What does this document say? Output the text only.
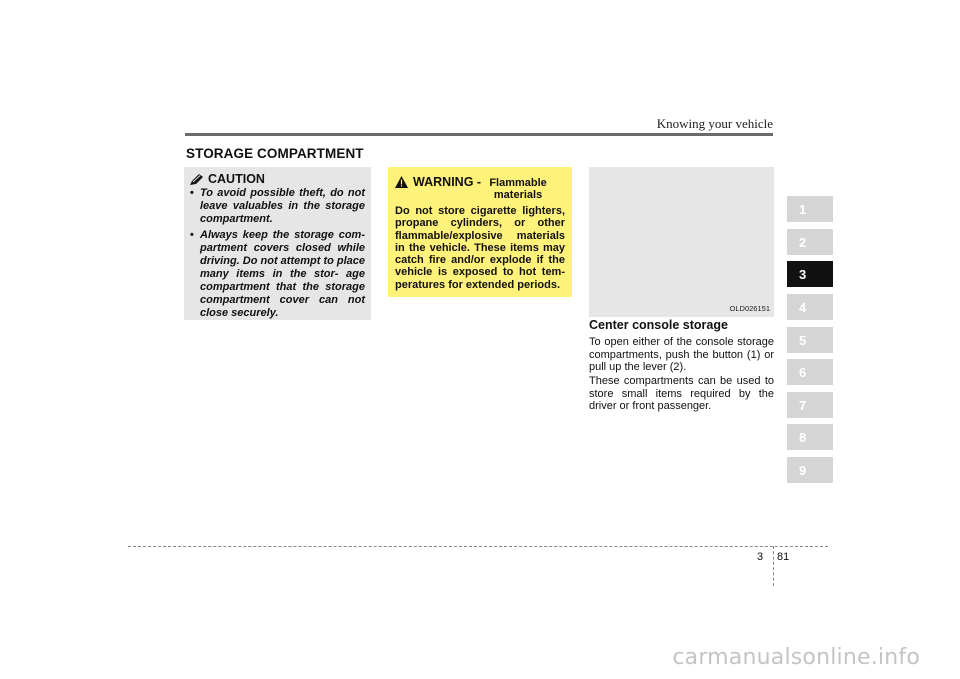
Knowing your vehicle
STORAGE COMPARTMENT
CAUTION
• To avoid possible theft, do not leave valuables in the storage compartment.
• Always keep the storage com- partment covers closed while driving. Do not attempt to place many items in the stor- age compartment that the storage compartment cover can not close securely.
WARNING - Flammable materials
Do not store cigarette lighters, propane cylinders, or other flammable/explosive materials in the vehicle. These items may catch fire and/or explode if the vehicle is exposed to hot tem- peratures for extended periods.
OLD026151
Center console storage
To open either of the console storage compartments, push the button (1) or pull up the lever (2).
These compartments can be used to store small items required by the driver or front passenger.
1
2
3
4
5
6
7
8
9
3 81
carmanualsonline.info
